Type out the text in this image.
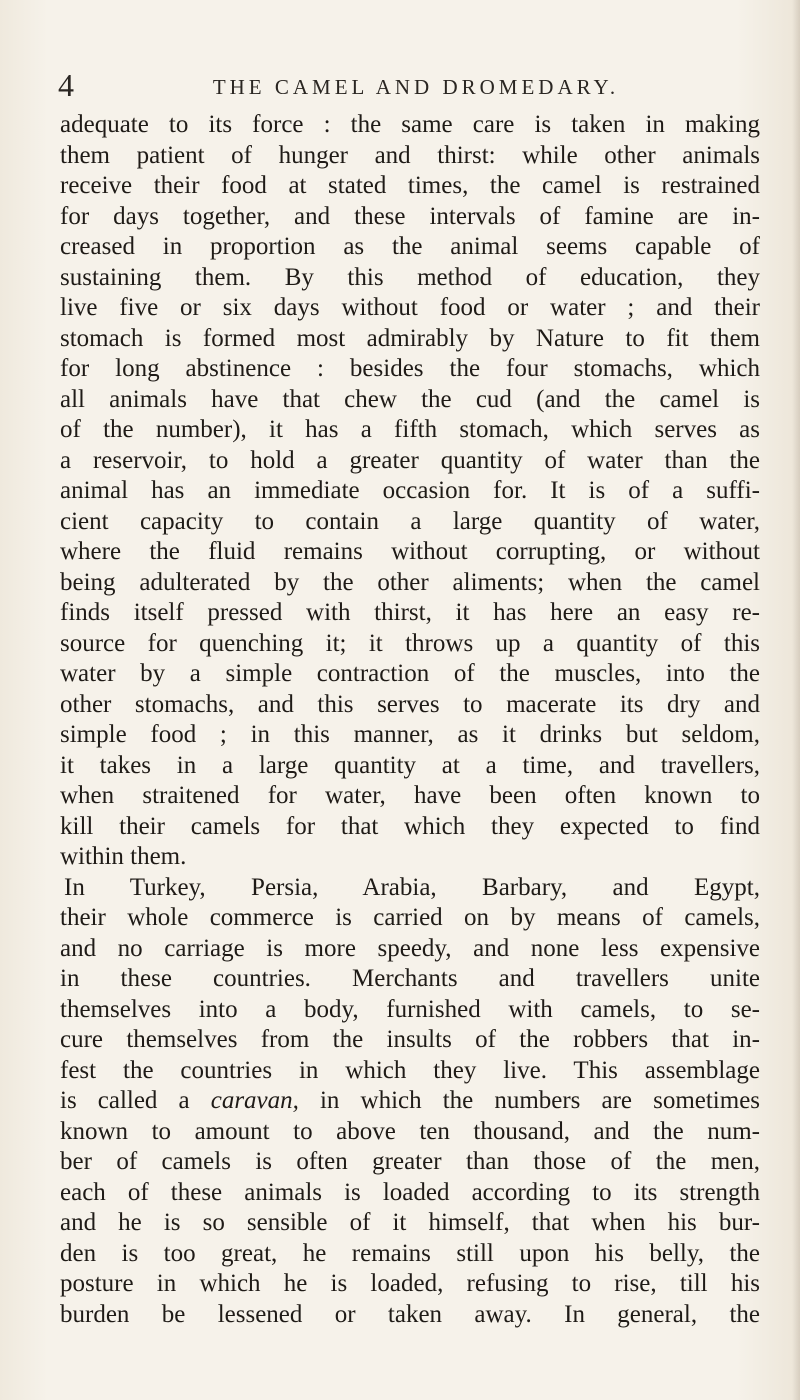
4	THE CAMEL AND DROMEDARY.
adequate to its force : the same care is taken in making
them patient of hunger and thirst: while other animals
receive their food at stated times, the camel is restrained
for days together, and these intervals of famine are in-
creased in proportion as the animal seems capable of
sustaining them. By this method of education, they
live five or six days without food or water ; and their
stomach is formed most admirably by Nature to fit them
for long abstinence : besides the four stomachs, which
all animals have that chew the cud (and the camel is
of the number), it has a fifth stomach, which serves as
a reservoir, to hold a greater quantity of water than the
animal has an immediate occasion for. It is of a suffi-
cient capacity to contain a large quantity of water,
where the fluid remains without corrupting, or without
being adulterated by the other aliments; when the camel
finds itself pressed with thirst, it has here an easy re-
source for quenching it; it throws up a quantity of this
water by a simple contraction of the muscles, into the
other stomachs, and this serves to macerate its dry and
simple food ; in this manner, as it drinks but seldom,
it takes in a large quantity at a time, and travellers,
when straitened for water, have been often known to
kill their camels for that which they expected to find
within them.
In Turkey, Persia, Arabia, Barbary, and Egypt,
their whole commerce is carried on by means of camels,
and no carriage is more speedy, and none less expensive
in these countries. Merchants and travellers unite
themselves into a body, furnished with camels, to se-
cure themselves from the insults of the robbers that in-
fest the countries in which they live. This assemblage
is called a caravan, in which the numbers are sometimes
known to amount to above ten thousand, and the num-
ber of camels is often greater than those of the men,
each of these animals is loaded according to its strength
and he is so sensible of it himself, that when his bur-
den is too great, he remains still upon his belly, the
posture in which he is loaded, refusing to rise, till his
burden be lessened or taken away. In general, the
